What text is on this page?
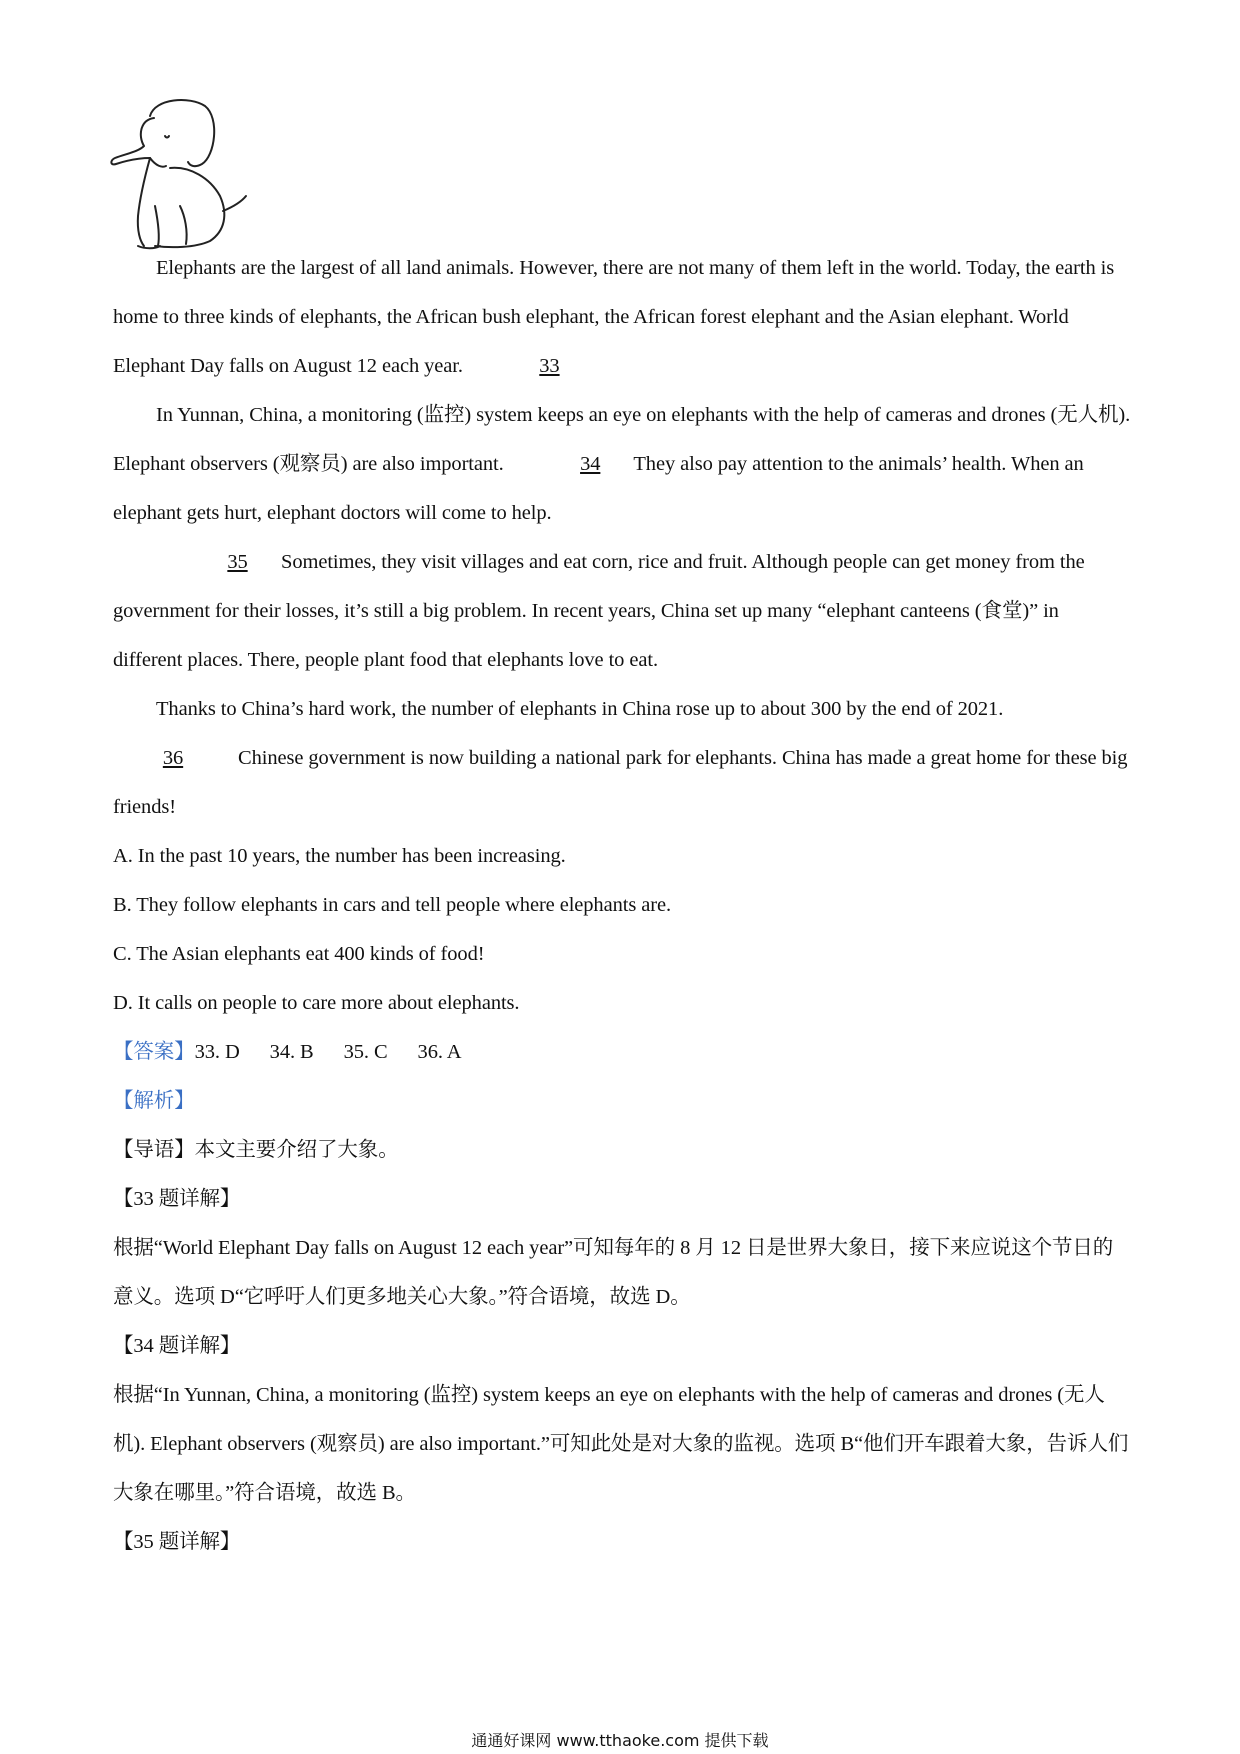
Elephants are the largest of all land animals. However, there are not many of them left in the world. Today, the earth is home to three kinds of elephants, the African bush elephant, the African forest elephant and the Asian elephant. World Elephant Day falls on August 12 each year.	33

In Yunnan, China, a monitoring (监控) system keeps an eye on elephants with the help of cameras and drones (无人机). Elephant observers (观察员) are also important.	34 They also pay attention to the animals’ health. When an elephant gets hurt, elephant doctors will come to help.

35 Sometimes, they visit villages and eat corn, rice and fruit. Although people can get money from the government for their losses, it’s still a big problem. In recent years, China set up many “elephant canteens (食堂)” in different places. There, people plant food that elephants love to eat.

Thanks to China’s hard work, the number of elephants in China rose up to about 300 by the end of 2021.

36	Chinese government is now building a national park for elephants. China has made a great home for these big friends!

A. In the past 10 years, the number has been increasing.

B. They follow elephants in cars and tell people where elephants are.

C. The Asian elephants eat 400 kinds of food!

D. It calls on people to care more about elephants.

【答案】33. D 34. B 35. C 36. A

【解析】

【导语】本文主要介绍了大象。

【33 题详解】

根据“World Elephant Day falls on August 12 each year”可知每年的 8 月 12 日是世界大象日，接下来应说这个节日的意义。选项 D“它呼吁人们更多地关心大象。”符合语境，故选 D。

【34 题详解】

根据“In Yunnan, China, a monitoring (监控) system keeps an eye on elephants with the help of cameras and drones (无人机). Elephant observers (观察员) are also important.”可知此处是对大象的监视。选项 B“他们开车跟着大象，告诉人们大象在哪里。”符合语境，故选 B。

【35 题详解】

通通好课网 www.tthaoke.com 提供下载
